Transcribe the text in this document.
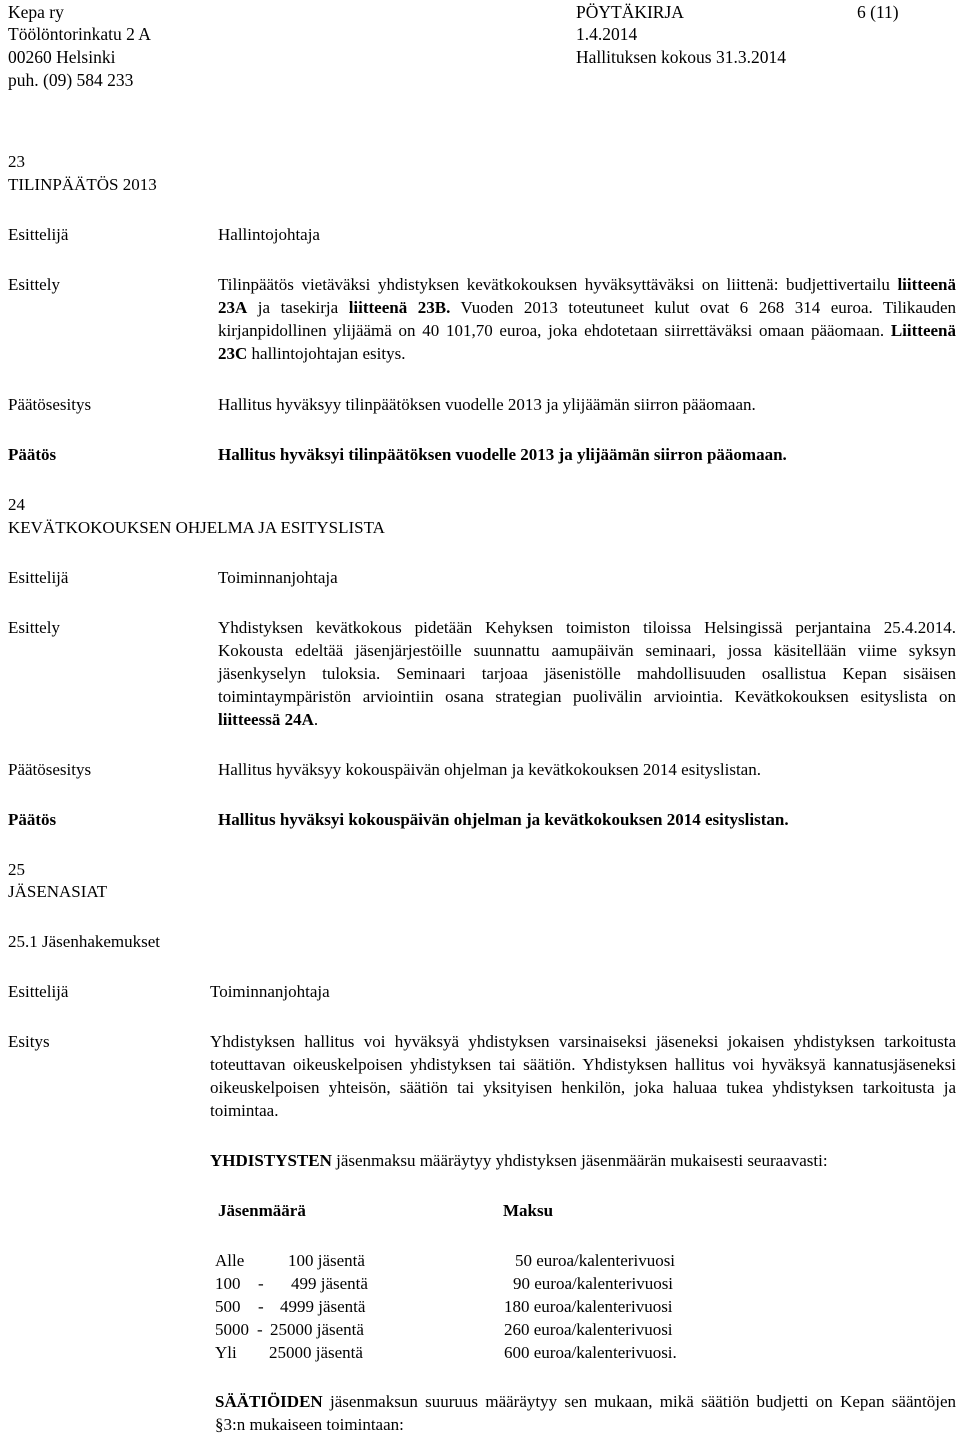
Kepa ry
Töölöntorinkatu 2 A
00260 Helsinki
puh. (09) 584 233
PÖYTÄKIRJA
1.4.2014
Hallituksen kokous 31.3.2014
6 (11)
23
TILINPÄÄTÖS 2013
Esittelijä	Hallintojohtaja
Esittely	Tilinpäätös vietäväksi yhdistyksen kevätkokouksen hyväksyttäväksi on liittenä: budjettivertailu liitteenä 23A ja tasekirja liitteenä 23B. Vuoden 2013 toteutuneet kulut ovat 6 268 314 euroa. Tilikauden kirjanpidollinen ylijäämä on 40 101,70 euroa, joka ehdotetaan siirrettäväksi omaan pääomaan. Liitteenä 23C hallintojohtajan esitys.
Päätösesitys	Hallitus hyväksyy tilinpäätöksen vuodelle 2013 ja ylijäämän siirron pääomaan.
Päätös	Hallitus hyväksyi tilinpäätöksen vuodelle 2013 ja ylijäämän siirron pääomaan.
24
KEVÄTKOKOUKSEN OHJELMA JA ESITYSLISTA
Esittelijä	Toiminnanjohtaja
Esittely	Yhdistyksen kevätkokous pidetään Kehyksen toimiston tiloissa Helsingissä perjantaina 25.4.2014. Kokousta edeltää jäsenjärjestöille suunnattu aamupäivän seminaari, jossa käsitellään viime syksyn jäsenkyselyn tuloksia. Seminaari tarjoaa jäsenistölle mahdollisuuden osallistua Kepan sisäisen toimintaympäristön arviointiin osana strategian puolivälin arviointia. Kevätkokouksen esityslista on liitteessä 24A.
Päätösesitys	Hallitus hyväksyy kokouspäivän ohjelman ja kevätkokouksen 2014 esityslistan.
Päätös	Hallitus hyväksyi kokouspäivän ohjelman ja kevätkokouksen 2014 esityslistan.
25
JÄSENASIAT
25.1 Jäsenhakemukset
Esittelijä	Toiminnanjohtaja
Esitys	Yhdistyksen hallitus voi hyväksyä yhdistyksen varsinaiseksi jäseneksi jokaisen yhdistyksen tarkoitusta toteuttavan oikeuskelpoisen yhdistyksen tai säätiön. Yhdistyksen hallitus voi hyväksyä kannatusjäseneksi oikeuskelpoisen yhteisön, säätiön tai yksityisen henkilön, joka haluaa tukea yhdistyksen tarkoitusta ja toimintaa.
YHDISTYSTEN jäsenmaksu määräytyy yhdistyksen jäsenmäärän mukaisesti seuraavasti:
Jäsenmäärä	Maksu
Alle	100 jäsentä	50 euroa/kalenterivuosi
100 - 499 jäsentä	90 euroa/kalenterivuosi
500 - 4999 jäsentä	180 euroa/kalenterivuosi
5000 - 25000 jäsentä	260 euroa/kalenterivuosi
Yli 25000 jäsentä	600 euroa/kalenterivuosi.
SÄÄTIÖIDEN jäsenmaksun suuruus määräytyy sen mukaan, mikä säätiön budjetti on Kepan sääntöjen §3:n mukaiseen toimintaan:
